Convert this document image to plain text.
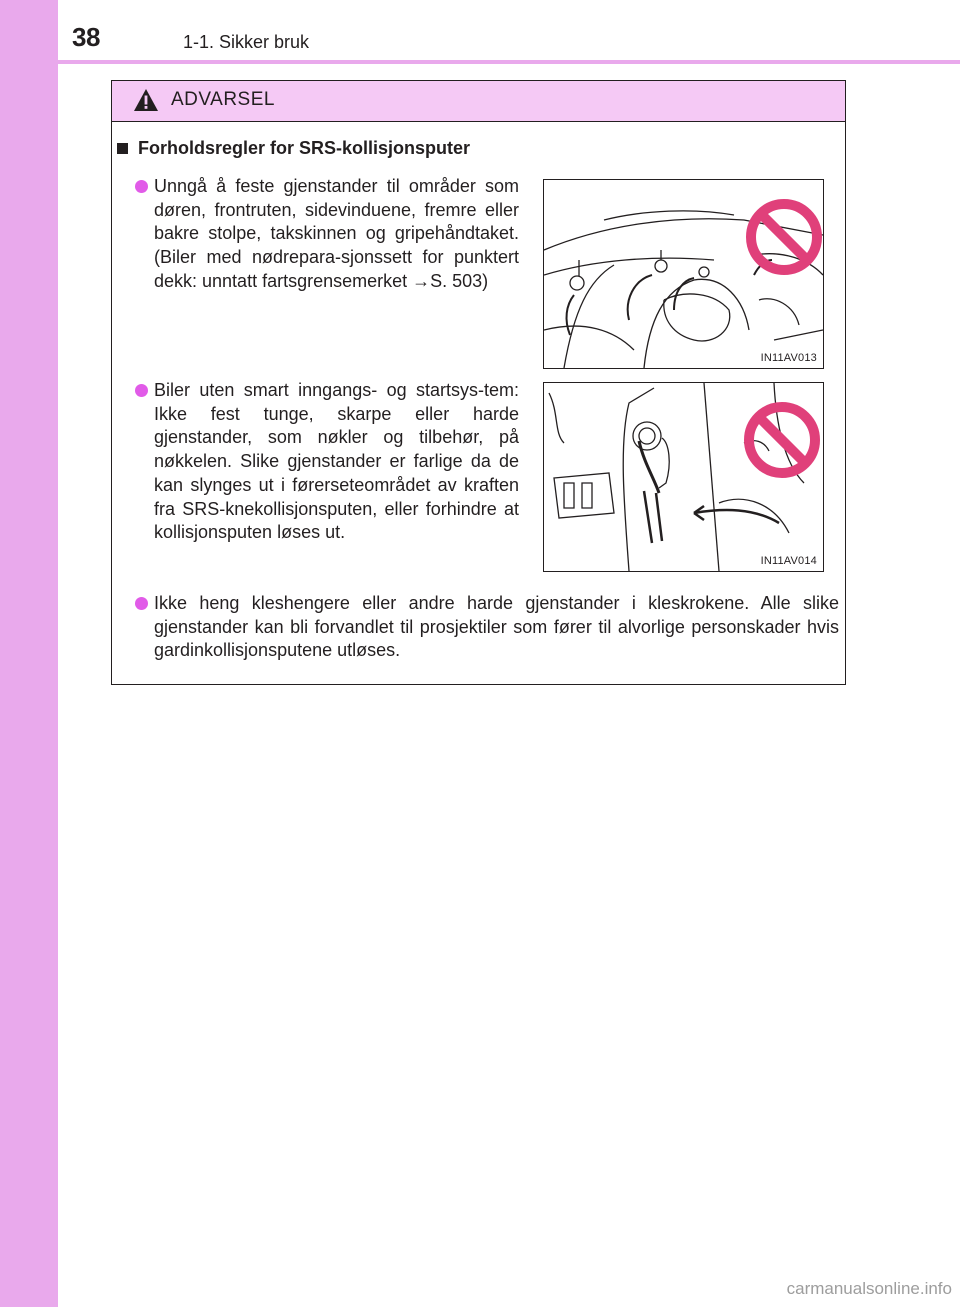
38	1-1. Sikker bruk
ADVARSEL
Forholdsregler for SRS-kollisjonsputer
Unngå å feste gjenstander til områder som døren, frontruten, sidevinduene, fremre eller bakre stolpe, takskinnen og gripehåndtaket. (Biler med nødrepara-sjonssett for punktert dekk: unntatt fartsgrensemerket →S. 503)
IN11AV013
Biler uten smart inngangs- og startsys-tem: Ikke fest tunge, skarpe eller harde gjenstander, som nøkler og tilbehør, på nøkkelen. Slike gjenstander er farlige da de kan slynges ut i førerseteområdet av kraften fra SRS-knekollisjonsputen, eller forhindre at kollisjonsputen løses ut.
IN11AV014
Ikke heng kleshengere eller andre harde gjenstander i kleskrokene. Alle slike gjenstander kan bli forvandlet til prosjektiler som fører til alvorlige personskader hvis gardinkollisjonsputene utløses.
carmanualsonline.info
